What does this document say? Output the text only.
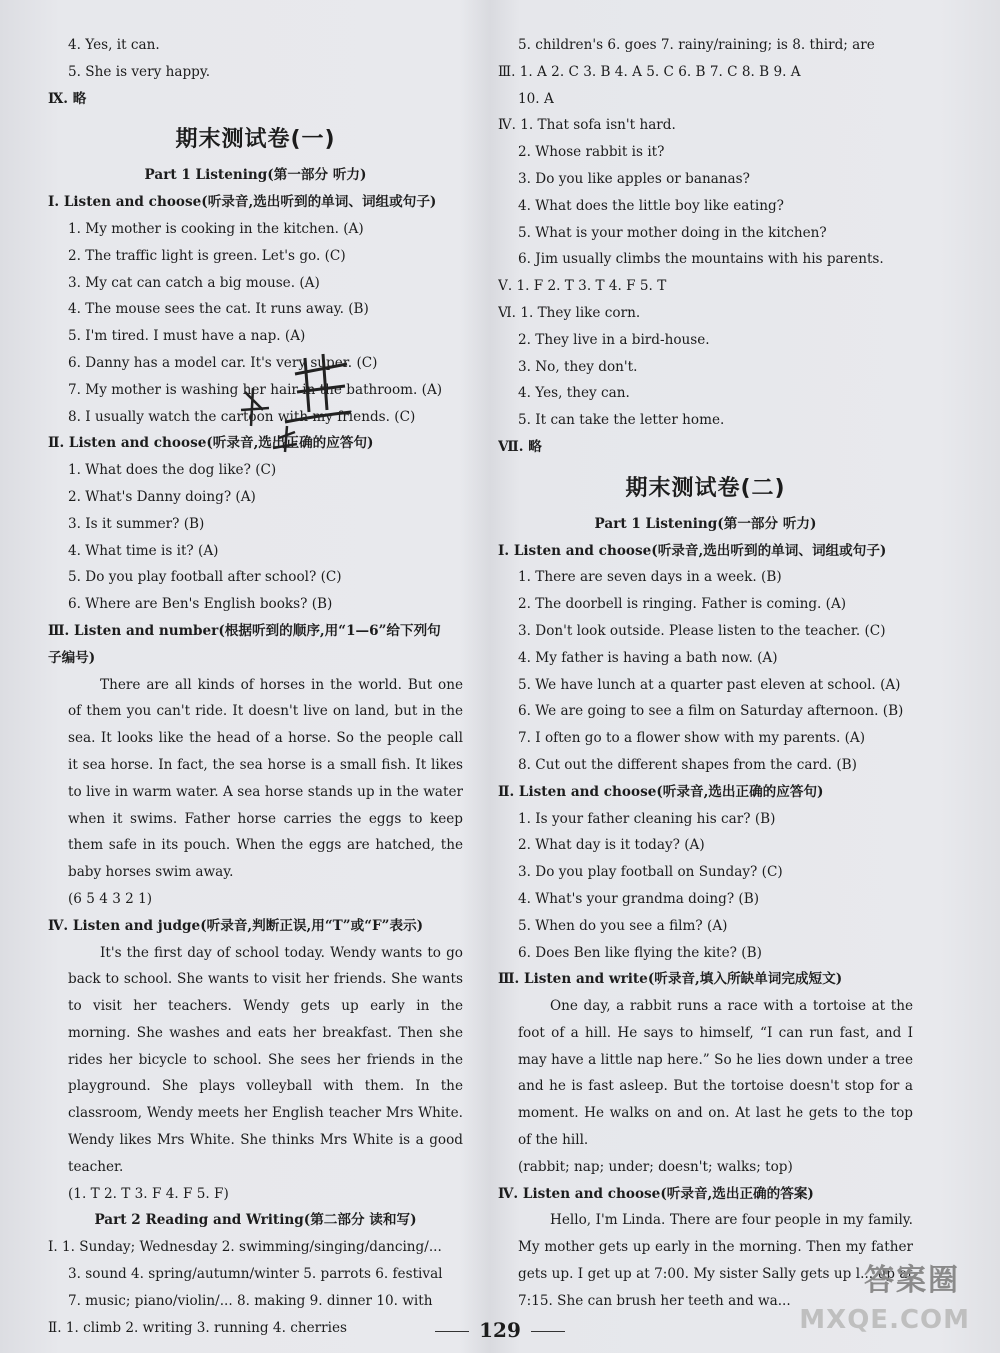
4. Yes, it can.
5. She is very happy.
Ⅸ. 略
期末测试卷(一)
Part 1 Listening(第一部分 听力)
Ⅰ. Listen and choose(听录音,选出听到的单词、词组或句子)
1. My mother is cooking in the kitchen. (A)
2. The traffic light is green. Let's go. (C)
3. My cat can catch a big mouse. (A)
4. The mouse sees the cat. It runs away. (B)
5. I'm tired. I must have a nap. (A)
6. Danny has a model car. It's very super. (C)
7. My mother is washing her hair in the bathroom. (A)
8. I usually watch the cartoon with my friends. (C)
Ⅱ. Listen and choose(听录音,选出正确的应答句)
1. What does the dog like? (C)
2. What's Danny doing? (A)
3. Is it summer? (B)
4. What time is it? (A)
5. Do you play football after school? (C)
6. Where are Ben's English books? (B)
Ⅲ. Listen and number(根据听到的顺序,用“1—6”给下列句
子编号)
There are all kinds of horses in the world. But one of them you can't ride. It doesn't live on land, but in the sea. It looks like the head of a horse. So the people call it sea horse. In fact, the sea horse is a small fish. It likes to live in warm water. A sea horse stands up in the water when it swims. Father horse carries the eggs to keep them safe in its pouch. When the eggs are hatched, the baby horses swim away.
(6 5 4 3 2 1)
Ⅳ. Listen and judge(听录音,判断正误,用“T”或“F”表示)
It's the first day of school today. Wendy wants to go back to school. She wants to visit her friends. She wants to visit her teachers. Wendy gets up early in the morning. She washes and eats her breakfast. Then she rides her bicycle to school. She sees her friends in the playground. She plays volleyball with them. In the classroom, Wendy meets her English teacher Mrs White. Wendy likes Mrs White. She thinks Mrs White is a good teacher.
(1. T 2. T 3. F 4. F 5. F)
Part 2 Reading and Writing(第二部分 读和写)
Ⅰ. 1. Sunday; Wednesday 2. swimming/singing/dancing/...
3. sound 4. spring/autumn/winter 5. parrots 6. festival
7. music; piano/violin/... 8. making 9. dinner 10. with
Ⅱ. 1. climb 2. writing 3. running 4. cherries
5. children's 6. goes 7. rainy/raining; is 8. third; are
Ⅲ. 1. A 2. C 3. B 4. A 5. C 6. B 7. C 8. B 9. A
10. A
Ⅳ. 1. That sofa isn't hard.
2. Whose rabbit is it?
3. Do you like apples or bananas?
4. What does the little boy like eating?
5. What is your mother doing in the kitchen?
6. Jim usually climbs the mountains with his parents.
Ⅴ. 1. F 2. T 3. T 4. F 5. T
Ⅵ. 1. They like corn.
2. They live in a bird-house.
3. No, they don't.
4. Yes, they can.
5. It can take the letter home.
Ⅶ. 略
期末测试卷(二)
Part 1 Listening(第一部分 听力)
Ⅰ. Listen and choose(听录音,选出听到的单词、词组或句子)
1. There are seven days in a week. (B)
2. The doorbell is ringing. Father is coming. (A)
3. Don't look outside. Please listen to the teacher. (C)
4. My father is having a bath now. (A)
5. We have lunch at a quarter past eleven at school. (A)
6. We are going to see a film on Saturday afternoon. (B)
7. I often go to a flower show with my parents. (A)
8. Cut out the different shapes from the card. (B)
Ⅱ. Listen and choose(听录音,选出正确的应答句)
1. Is your father cleaning his car? (B)
2. What day is it today? (A)
3. Do you play football on Sunday? (C)
4. What's your grandma doing? (B)
5. When do you see a film? (A)
6. Does Ben like flying the kite? (B)
Ⅲ. Listen and write(听录音,填入所缺单词完成短文)
One day, a rabbit runs a race with a tortoise at the foot of a hill. He says to himself, “I can run fast, and I may have a little nap here.” So he lies down under a tree and he is fast asleep. But the tortoise doesn't stop for a moment. He walks on and on. At last he gets to the top of the hill.
(rabbit; nap; under; doesn't; walks; top)
Ⅳ. Listen and choose(听录音,选出正确的答案)
Hello, I'm Linda. There are four people in my family. My mother gets up early in the morning. Then my father gets up. I get up at 7:00. My sister Sally gets up l... up at 7:15. She can brush her teeth and wa...
129
答案圈
MXQE.COM
